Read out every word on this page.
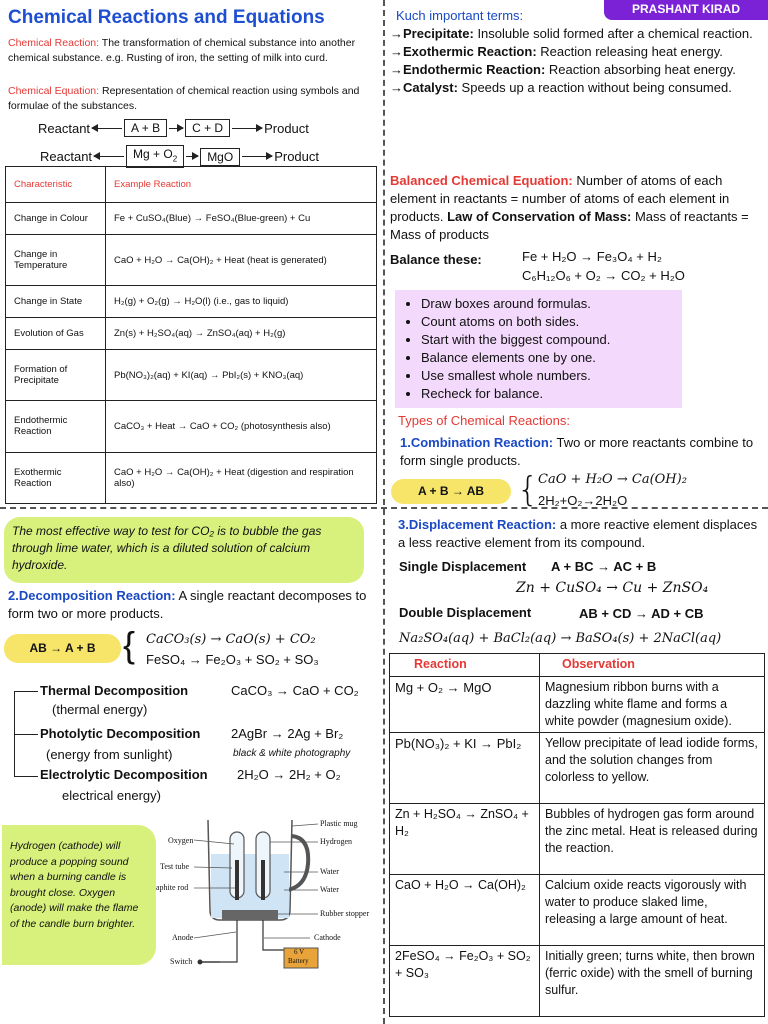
Chemical Reactions and Equations	PRASHANT KIRAD
Chemical Reaction: The transformation of chemical substance into another chemical substance. e.g. Rusting of iron, the setting of milk into curd.
Chemical Equation: Representation of chemical reaction using symbols and formulae of the substances.
Reactant	A + B	C + D	Product
Reactant	$Mg + O_2$	MgO	Product
Characteristic	Example Reaction
Change in Colour	Fe + CuSO₄(Blue) → FeSO₄(Blue-green) + Cu
Change in Temperature	CaO + H₂O → Ca(OH)₂ + Heat (heat is generated)
Change in State	H₂(g) + O₂(g) → H₂O(l) (i.e., gas to liquid)
Evolution of Gas	Zn(s) + H₂SO₄(aq) → ZnSO₄(aq) + H₂(g)
Formation of Precipitate	Pb(NO₃)₂(aq) + KI(aq) → PbI₂(s) + KNO₃(aq)
Endothermic Reaction	CaCO₃ + Heat → CaO + CO₂ (photosynthesis also)
Exothermic Reaction	CaO + H₂O → Ca(OH)₂ + Heat (digestion and respiration also)
Kuch important terms:
→Precipitate: Insoluble solid formed after a chemical reaction.
→Exothermic Reaction: Reaction releasing heat energy.
→Endothermic Reaction: Reaction absorbing heat energy.
→Catalyst: Speeds up a reaction without being consumed.
Balanced Chemical Equation: Number of atoms of each element in reactants = number of atoms of each element in products. Law of Conservation of Mass: Mass of reactants = Mass of products
Balance these:	Fe + H₂O → Fe₃O₄ + H₂
C₆H₁₂O₆ + O₂ → CO₂ + H₂O
• Draw boxes around formulas.
• Count atoms on both sides.
• Start with the biggest compound.
• Balance elements one by one.
• Use smallest whole numbers.
• Recheck for balance.
Types of Chemical Reactions:
1.Combination Reaction: Two or more reactants combine to form single products.
A + B → AB { CaO + H₂O → Ca(OH)₂
2H₂+O₂→2H₂O
The most effective way to test for CO₂ is to bubble the gas through lime water, which is a diluted solution of calcium hydroxide.
2.Decomposition Reaction: A single reactant decomposes to form two or more products.
AB → A + B { CaCO₃(s) → CaO(s) + CO₂
FeSO₄ → Fe₂O₃ + SO₂ + SO₃
Thermal Decomposition
(thermal energy)
CaCO₃ → CaO + CO₂
Photolytic Decomposition
(energy from sunlight)
2AgBr → 2Ag + Br₂
black & white photography
Electrolytic Decomposition
electrical energy)
2H₂O → 2H₂ + O₂
Hydrogen (cathode) will produce a popping sound when a burning candle is brought close. Oxygen (anode) will make the flame of the candle burn brighter.
Oxygen
Test tube
aphite rod
Anode
Switch
Plastic mug
Hydrogen
Water
Water
Rubber stopper
Cathode
6 V
Battery
3.Displacement Reaction: a more reactive element displaces a less reactive element from its compound.
Single Displacement A + BC → AC + B
Zn + CuSO₄ → Cu + ZnSO₄
Double Displacement	AB + CD → AD + CB
Na₂SO₄(aq) + BaCl₂(aq) → BaSO₄(s) + 2NaCl(aq)
Reaction	Observation
Mg + O₂ → MgO	Magnesium ribbon burns with a dazzling white flame and forms a white powder (magnesium oxide).
Pb(NO₃)₂ + KI → PbI₂	Yellow precipitate of lead iodide forms, and the solution changes from colorless to yellow.
Zn + H₂SO₄ → ZnSO₄ + H₂	Bubbles of hydrogen gas form around the zinc metal. Heat is released during the reaction.
CaO + H₂O → Ca(OH)₂	Calcium oxide reacts vigorously with water to produce slaked lime, releasing a large amount of heat.
2FeSO₄ → Fe₂O₃ + SO₂ + SO₃	Initially green; turns white, then brown (ferric oxide) with the smell of burning sulfur.
